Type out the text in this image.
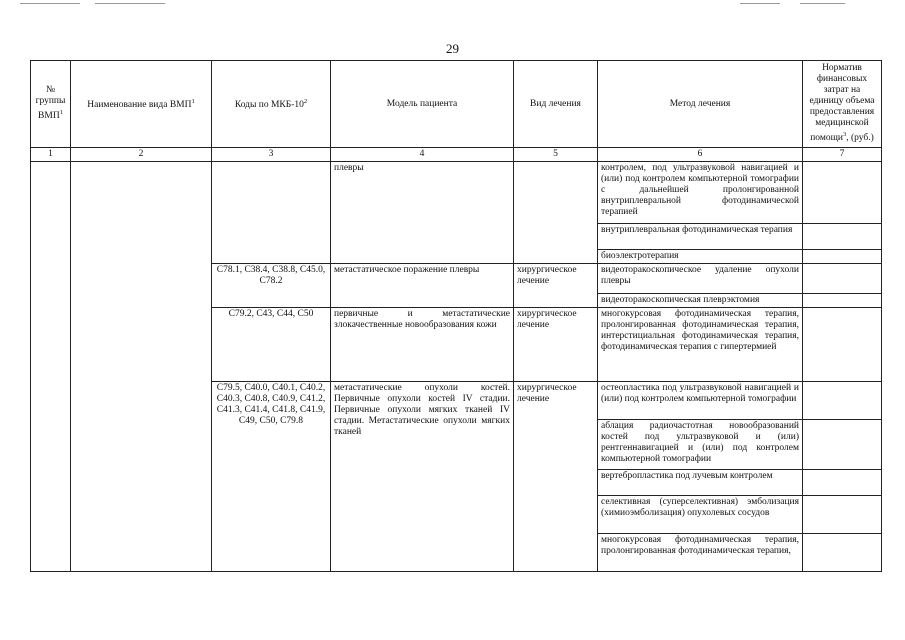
29
№ группы ВМП$^1$	Наименование вида ВМП$^1$	Коды по МКБ-$10^2$	Модель пациента	Вид лечения	Метод лечения	Норматив финансовых затрат на единицу объема предоставления медицинской помощи$^3$, (руб.)
1	2	3	4	5	6	7
			плевры		контролем, под ультразвуковой навигацией и (или) под контролем компьютерной томографии с дальнейшей пролонгированной внутриплевральной фотодинамической терапией	
					внутриплевральная фотодинамическая терапия	
					биоэлектротерапия	
		C78.1, C38.4, C38.8, C45.0, C78.2	метастатическое поражение плевры	хирургическое лечение	видеоторакоскопическое удаление опухоли плевры	
					видеоторакоскопическая плеврэктомия	
		C79.2, C43, C44, C50	первичные и метастатические злокачественные новообразования кожи	хирургическое лечение	многокурсовая фотодинамическая терапия, пролонгированная фотодинамическая терапия, интерстициальная фотодинамическая терапия, фотодинамическая терапия с гипертермией	
		C79.5, C40.0, C40.1, C40.2, C40.3, C40.8, C40.9, C41.2, C41.3, C41.4, C41.8, C41.9, C49, C50, C79.8	метастатические опухоли костей. Первичные опухоли костей IV стадии. Первичные опухоли мягких тканей IV стадии. Метастатические опухоли мягких тканей	хирургическое лечение	остеопластика под ультразвуковой навигацией и (или) под контролем компьютерной томографии	
					аблация радиочастотная новообразований костей под ультразвуковой и (или) рентгеннавигацией и (или) под контролем компьютерной томографии	
					вертебропластика под лучевым контролем	
					селективная (суперселективная) эмболизация (химиоэмболизация) опухолевых сосудов	
					многокурсовая фотодинамическая терапия, пролонгированная фотодинамическая терапия,	
